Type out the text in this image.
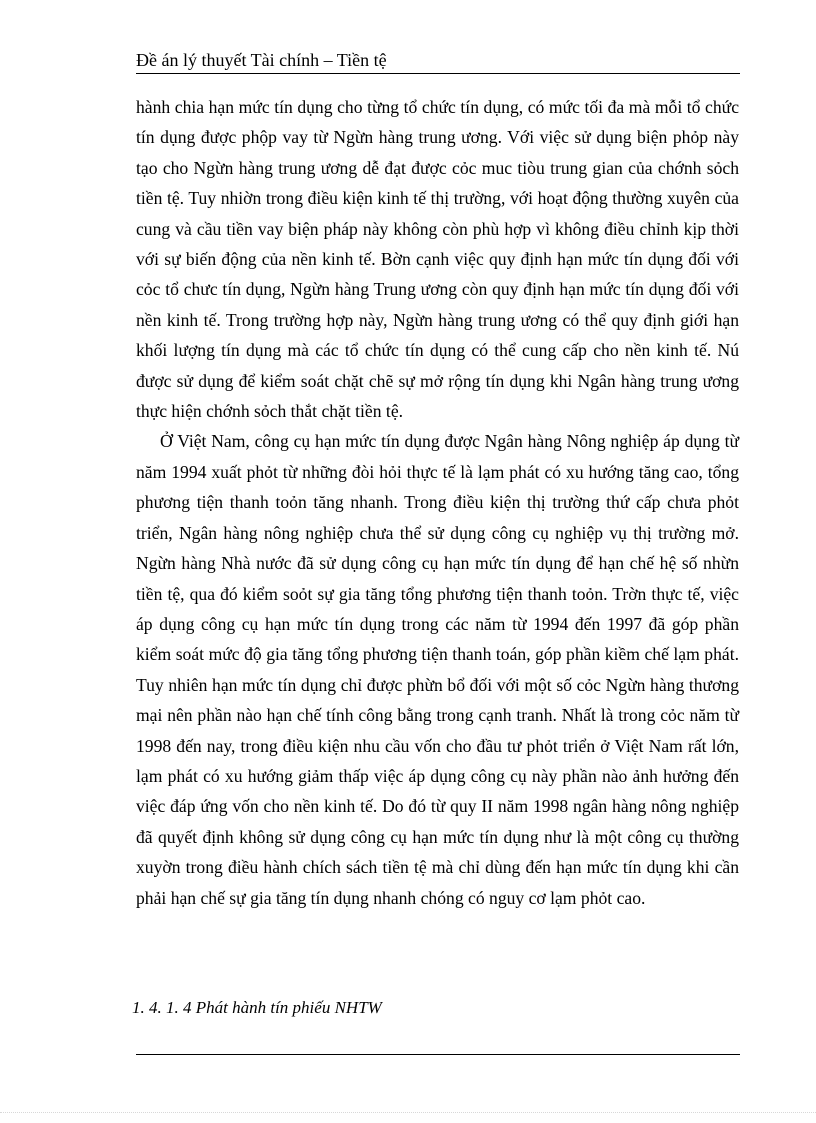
Đề án lý thuyết Tài chính – Tiền tệ

hành chia hạn mức tín dụng cho từng tổ chức tín dụng, có mức tối đa mà mỗi tổ chức tín dụng được phộp vay từ Ngừn hàng trung ương. Với việc sử dụng biện phỏp này tạo cho Ngừn hàng trung ương dễ đạt được cỏc muc tiòu trung gian của chớnh sỏch tiền tệ. Tuy nhiờn trong điều kiện kinh tế thị trường, với hoạt động thường xuyên của cung và cầu tiền vay biện pháp này không còn phù hợp vì không điều chỉnh kịp thời với sự biến động của nền kinh tế. Bờn cạnh việc quy định hạn mức tín dụng đối với cỏc tổ chưc tín dụng, Ngừn hàng Trung ương còn quy định hạn mức tín dụng đối với nền kinh tế. Trong trường hợp này, Ngừn hàng trung ương có thể quy định giới hạn khối lượng tín dụng mà các tổ chức tín dụng có thể cung cấp cho nền kinh tế. Nú được sử dụng để kiểm soát chặt chẽ sự mở rộng tín dụng khi Ngân hàng trung ương thực hiện chớnh sỏch thắt chặt tiền tệ.

Ở Việt Nam, công cụ hạn mức tín dụng được Ngân hàng Nông nghiệp áp dụng từ năm 1994 xuất phỏt từ những đòi hỏi thực tế là lạm phát có xu hướng tăng cao, tổng phương tiện thanh toỏn tăng nhanh. Trong điều kiện thị trường thứ cấp chưa phỏt triển, Ngân hàng nông nghiệp chưa thể sử dụng công cụ nghiệp vụ thị trường mở. Ngừn hàng Nhà nước đã sử dụng công cụ hạn mức tín dụng để hạn chế hệ số nhừn tiền tệ, qua đó kiểm soỏt sự gia tăng tổng phương tiện thanh toỏn. Trờn thực tế, việc áp dụng công cụ hạn mức tín dụng trong các năm từ 1994 đến 1997 đã góp phần kiểm soát mức độ gia tăng tổng phương tiện thanh toán, góp phần kiềm chế lạm phát. Tuy nhiên hạn mức tín dụng chỉ được phừn bổ đối với một số cỏc Ngừn hàng thương mại nên phần nào hạn chế tính công bằng trong cạnh tranh. Nhất là trong cỏc năm từ 1998 đến nay, trong điều kiện nhu cầu vốn cho đầu tư phỏt triển ở Việt Nam rất lớn, lạm phát có xu hướng giảm thấp việc áp dụng công cụ này phần nào ảnh hưởng đến việc đáp ứng vốn cho nền kinh tế. Do đó từ quy II năm 1998 ngân hàng nông nghiệp đã quyết định không sử dụng công cụ hạn mức tín dụng như là một công cụ thường xuyờn trong điều hành chích sách tiền tệ mà chỉ dùng đến hạn mức tín dụng khi cần phải hạn chế sự gia tăng tín dụng nhanh chóng có nguy cơ lạm phỏt cao.

1. 4. 1. 4 Phát hành tín phiếu NHTW
